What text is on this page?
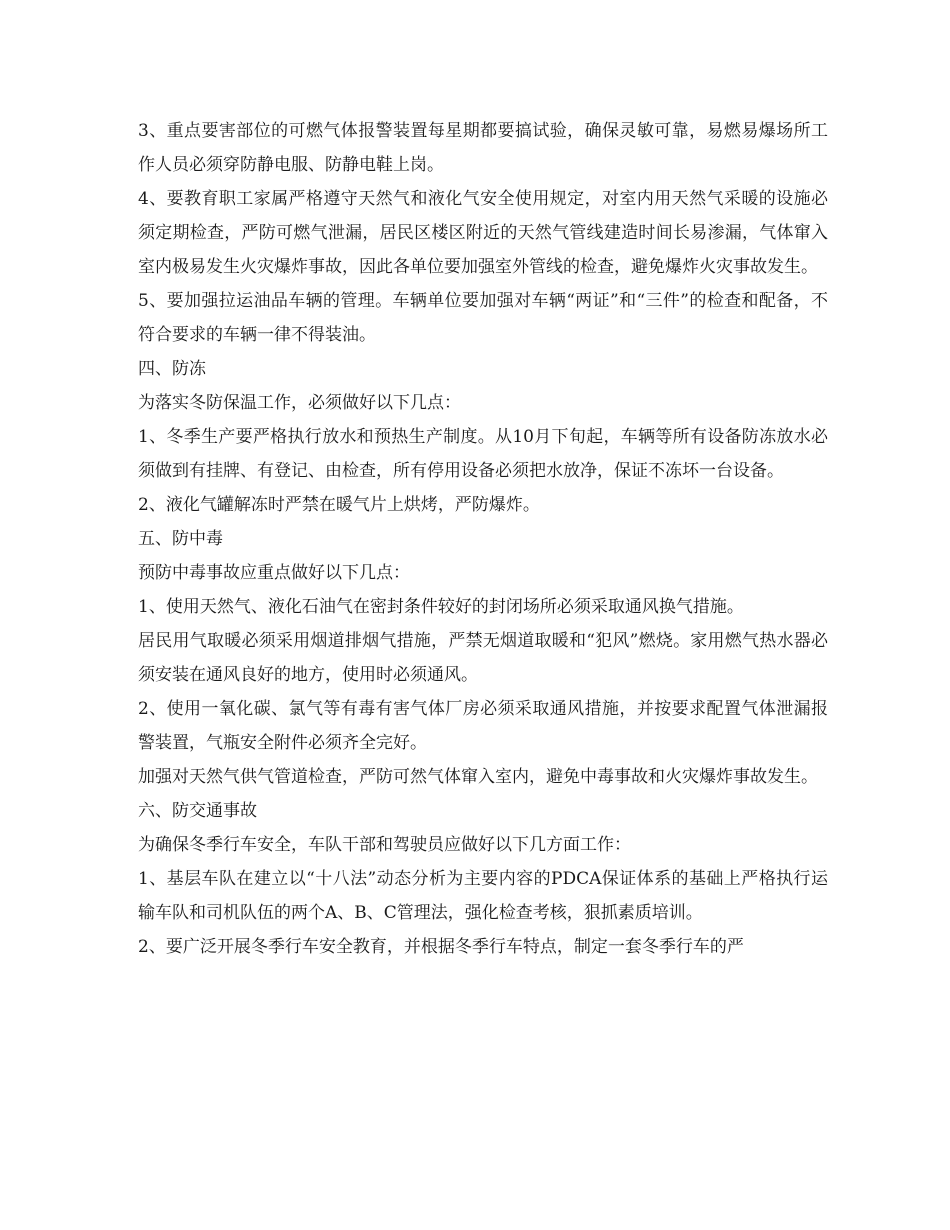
3、重点要害部位的可燃气体报警装置每星期都要搞试验，确保灵敏可靠，易燃易爆场所工作人员必须穿防静电服、防静电鞋上岗。

4、要教育职工家属严格遵守天然气和液化气安全使用规定，对室内用天然气采暖的设施必须定期检查，严防可燃气泄漏，居民区楼区附近的天然气管线建造时间长易渗漏，气体窜入室内极易发生火灾爆炸事故，因此各单位要加强室外管线的检查，避免爆炸火灾事故发生。

5、要加强拉运油品车辆的管理。车辆单位要加强对车辆“两证”和“三件”的检查和配备，不符合要求的车辆一律不得装油。

四、防冻

为落实冬防保温工作，必须做好以下几点：

1、冬季生产要严格执行放水和预热生产制度。从10月下旬起，车辆等所有设备防冻放水必须做到有挂牌、有登记、由检查，所有停用设备必须把水放净，保证不冻坏一台设备。

2、液化气罐解冻时严禁在暖气片上烘烤，严防爆炸。

五、防中毒

预防中毒事故应重点做好以下几点：

1、使用天然气、液化石油气在密封条件较好的封闭场所必须采取通风换气措施。

居民用气取暖必须采用烟道排烟气措施，严禁无烟道取暖和“犯风”燃烧。家用燃气热水器必须安装在通风良好的地方，使用时必须通风。

2、使用一氧化碳、氯气等有毒有害气体厂房必须采取通风措施，并按要求配置气体泄漏报警装置，气瓶安全附件必须齐全完好。

加强对天然气供气管道检查，严防可然气体窜入室内，避免中毒事故和火灾爆炸事故发生。

六、防交通事故

为确保冬季行车安全，车队干部和驾驶员应做好以下几方面工作：

1、基层车队在建立以“十八法”动态分析为主要内容的PDCA保证体系的基础上严格执行运输车队和司机队伍的两个A、B、C管理法，强化检查考核，狠抓素质培训。

2、要广泛开展冬季行车安全教育，并根据冬季行车特点，制定一套冬季行车的严
